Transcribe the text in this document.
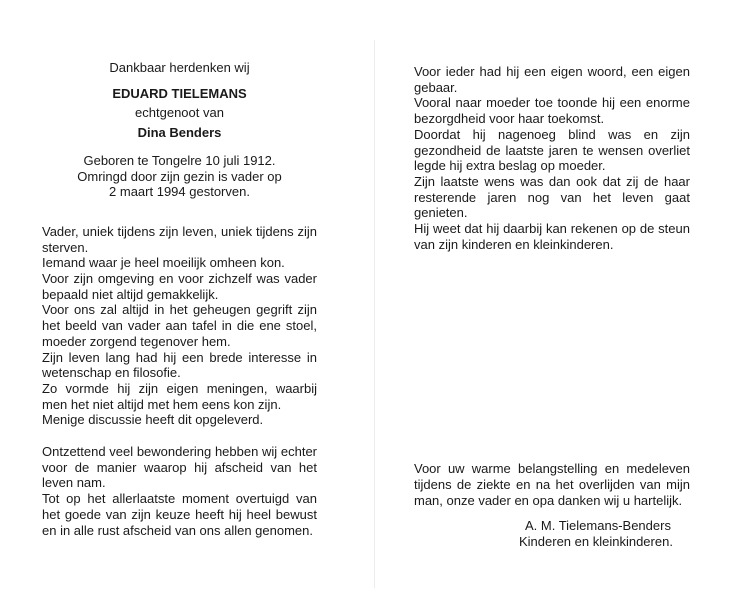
Dankbaar herdenken wij

EDUARD TIELEMANS

echtgenoot van

Dina Benders

Geboren te Tongelre 10 juli 1912.

Omringd door zijn gezin is vader op

2 maart 1994 gestorven.

Vader, uniek tijdens zijn leven, uniek tijdens zijn sterven.

Iemand waar je heel moeilijk omheen kon.

Voor zijn omgeving en voor zichzelf was vader bepaald niet altijd gemakkelijk.

Voor ons zal altijd in het geheugen gegrift zijn het beeld van vader aan tafel in die ene stoel, moeder zorgend tegenover hem.

Zijn leven lang had hij een brede interesse in wetenschap en filosofie.

Zo vormde hij zijn eigen meningen, waarbij men het niet altijd met hem eens kon zijn.

Menige discussie heeft dit opgeleverd.

Ontzettend veel bewondering hebben wij echter voor de manier waarop hij afscheid van het leven nam.

Tot op het allerlaatste moment overtuigd van het goede van zijn keuze heeft hij heel bewust en in alle rust afscheid van ons allen genomen.

Voor ieder had hij een eigen woord, een eigen gebaar.

Vooral naar moeder toe toonde hij een enorme bezorgdheid voor haar toekomst.

Doordat hij nagenoeg blind was en zijn gezondheid de laatste jaren te wensen overliet legde hij extra beslag op moeder.

Zijn laatste wens was dan ook dat zij de haar resterende jaren nog van het leven gaat genieten.

Hij weet dat hij daarbij kan rekenen op de steun van zijn kinderen en kleinkinderen.

Voor uw warme belangstelling en medeleven tijdens de ziekte en na het overlijden van mijn man, onze vader en opa danken wij u hartelijk.

A. M. Tielemans-Benders

Kinderen en kleinkinderen.
